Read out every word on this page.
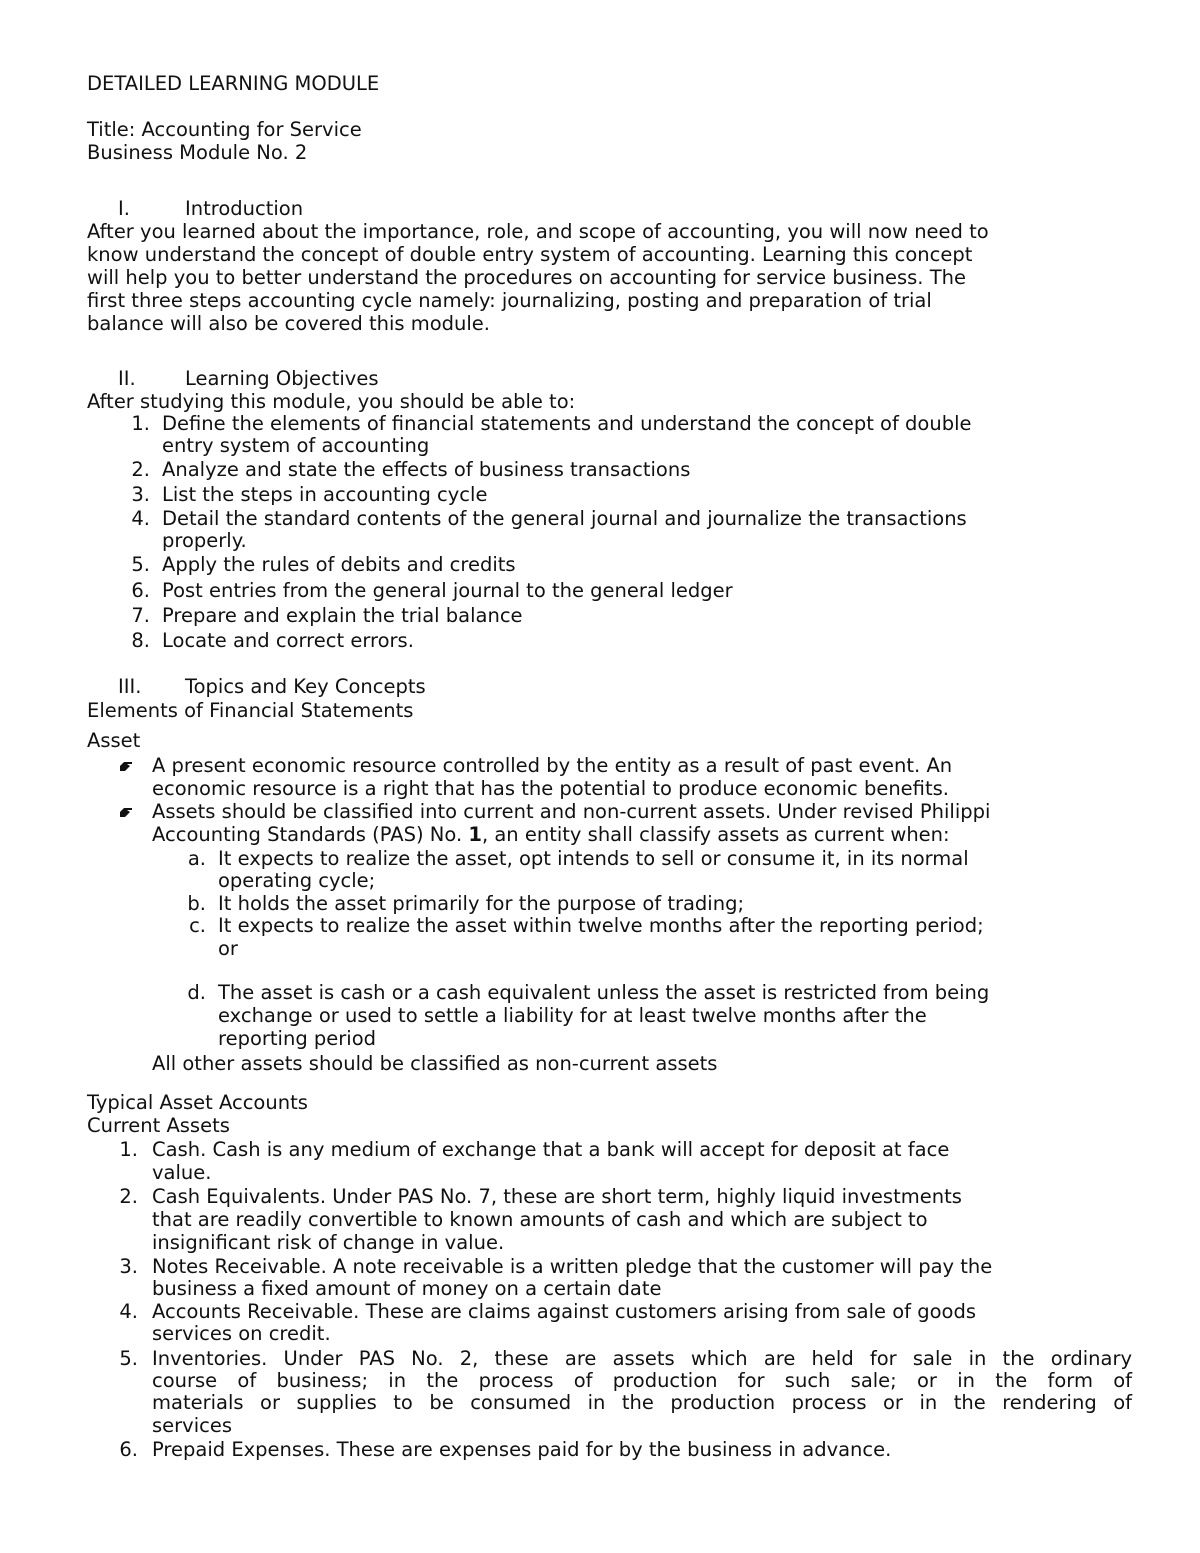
DETAILED LEARNING MODULE
Title: Accounting for Service
Business Module No. 2
I.	Introduction
After you learned about the importance, role, and scope of accounting, you will now need to
know understand the concept of double entry system of accounting. Learning this concept
will help you to better understand the procedures on accounting for service business. The
first three steps accounting cycle namely: journalizing, posting and preparation of trial
balance will also be covered this module.
II.	Learning Objectives
After studying this module, you should be able to:
1. Define the elements of financial statements and understand the concept of double
entry system of accounting
2. Analyze and state the effects of business transactions
3. List the steps in accounting cycle
4. Detail the standard contents of the general journal and journalize the transactions
properly.
5. Apply the rules of debits and credits
6. Post entries from the general journal to the general ledger
7. Prepare and explain the trial balance
8. Locate and correct errors.
III. Topics and Key Concepts
Elements of Financial Statements
Asset
A present economic resource controlled by the entity as a result of past event. An
economic resource is a right that has the potential to produce economic benefits.
Assets should be classified into current and non-current assets. Under revised Philippi
Accounting Standards (PAS) No. 1, an entity shall classify assets as current when:
a. It expects to realize the asset, opt intends to sell or consume it, in its normal
operating cycle;
b. It holds the asset primarily for the purpose of trading;
c. It expects to realize the asset within twelve months after the reporting period;
or
d. The asset is cash or a cash equivalent unless the asset is restricted from being
exchange or used to settle a liability for at least twelve months after the
reporting period
All other assets should be classified as non-current assets
Typical Asset Accounts
Current Assets
1. Cash. Cash is any medium of exchange that a bank will accept for deposit at face
value.
2. Cash Equivalents. Under PAS No. 7, these are short term, highly liquid investments
that are readily convertible to known amounts of cash and which are subject to
insignificant risk of change in value.
3. Notes Receivable. A note receivable is a written pledge that the customer will pay the
business a fixed amount of money on a certain date
4. Accounts Receivable. These are claims against customers arising from sale of goods
services on credit.
5. Inventories. Under PAS No. 2, these are assets which are held for sale in the ordinary
course of business; in the process of production for such sale; or in the form of
materials or supplies to be consumed in the production process or in the rendering of
services
6. Prepaid Expenses. These are expenses paid for by the business in advance.
